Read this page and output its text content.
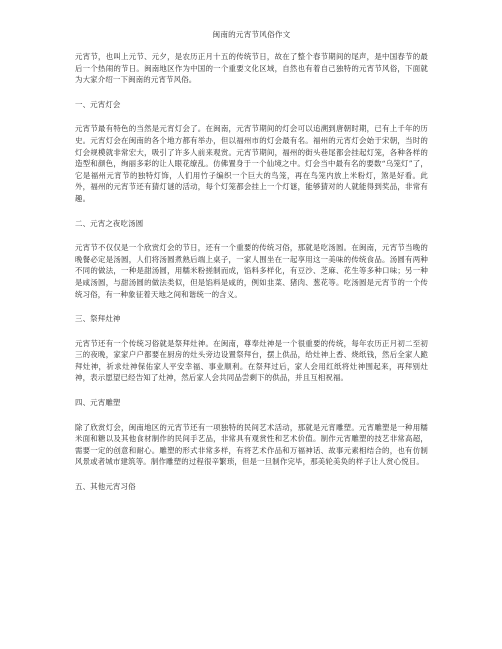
闽南的元宵节风俗作文

元宵节，也叫上元节、元夕，是农历正月十五的传统节日，故在了整个春节期间的尾声，是中国春节的最后一个热闹的节日。闽南地区作为中国的一个重要文化区域，自然也有着自己独特的元宵节风俗，下面就为大家介绍一下闽南的元宵节风俗。

一、元宵灯会

元宵节最有特色的当然是元宵灯会了。在闽南，元宵节期间的灯会可以追溯到唐朝时期，已有上千年的历史。元宵灯会在闽南的各个地方都有举办，但以福州市的灯会最有名。福州的元宵灯会始于宋朝，当时的灯会规模就非常宏大，吸引了许多人前来观赏。元宵节期间，福州的街头巷尾都会挂起灯笼，各种各样的造型和颜色，绚丽多彩的让人眼花缭乱。仿佛置身于一个仙境之中。灯会当中最有名的要数“乌笼灯”了，它是福州元宵节的独特灯饰，人们用竹子编织一个巨大的鸟笼，再在鸟笼内放上米粉灯，煞是好看。此外，福州的元宵节还有猜灯谜的活动，每个灯笼都会挂上一个灯谜，能够猜对的人就能得到奖品，非常有趣。

二、元宵之夜吃汤圆

元宵节不仅仅是一个欣赏灯会的节日，还有一个重要的传统习俗，那就是吃汤圆。在闽南，元宵节当晚的晚餐必定是汤圆，人们将汤圆煮熟后端上桌子，一家人围坐在一起享用这一美味的传统食品。汤圆有两种不同的做法，一种是甜汤圆，用糯米粉搓制而成，馅料多样化，有豆沙、芝麻、花生等多种口味；另一种是咸汤圆，与甜汤圆的做法类似，但是馅料是咸的，例如韭菜、猪肉、葱花等。吃汤圆是元宵节的一个传统习俗，有一种象征着天地之间和谐统一的含义。

三、祭拜灶神

元宵节还有一个传统习俗就是祭拜灶神。在闽南，尊奉灶神是一个很重要的传统，每年农历正月初二至初三的夜晚，家家户户都要在厨房的灶头旁边设置祭拜台，摆上供品，给灶神上香、烧纸钱，然后全家人跪拜灶神，祈求灶神保佑家人平安幸福、事业顺利。在祭拜过后，家人会用红纸将灶神围起来，再拜别灶神，表示愿望已经告知了灶神，然后家人会共同品尝剩下的供品，并且互相祝福。

四、元宵雕塑

除了欣赏灯会，闽南地区的元宵节还有一项独特的民间艺术活动，那就是元宵雕塑。元宵雕塑是一种用糯米面和糖以及其他食材制作的民间手艺品，非常具有观赏性和艺术价值。制作元宵雕塑的技艺非常高超，需要一定的创意和耐心。雕塑的形式非常多样，有将艺术作品和万福神话、故事元素相结合的，也有仿制风景或者城市建筑等。制作雕塑的过程很辛繁琐，但是一旦制作完毕，那美轮美奂的样子让人赏心悦目。

五、其他元宵习俗
